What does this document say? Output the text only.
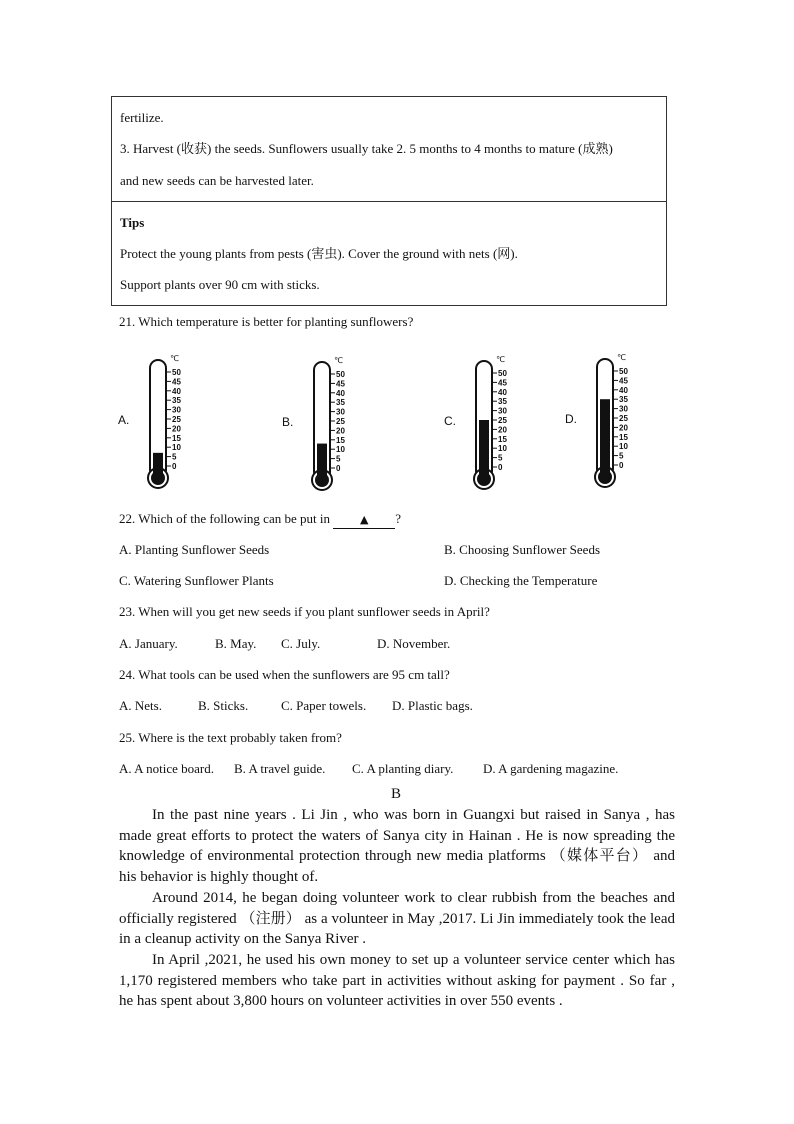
fertilize.
3. Harvest (收获) the seeds. Sunflowers usually take 2. 5 months to 4 months to mature (成熟)
and new seeds can be harvested later.
Tips
Protect the young plants from pests (害虫). Cover the ground with nets (网).
Support plants over 90 cm with sticks.
21. Which temperature is better for planting sunflowers?
A.
50
45
40
35
30
25
20
15
10
5
0
℃
B.
50
45
40
35
30
25
20
15
10
5
0
℃
C.
50
45
40
35
30
25
20
15
10
5
0
℃
D.
50
45
40
35
30
25
20
15
10
5
0
℃
22. Which of the following can be put in	▲ ?
A. Planting Sunflower Seeds	B. Choosing Sunflower Seeds
C. Watering Sunflower Plants	D. Checking the Temperature
23. When will you get new seeds if you plant sunflower seeds in April?
A. January.	B. May. C. July.	D. November.
24. What tools can be used when the sunflowers are 95 cm tall?
A. Nets.	B. Sticks.	C. Paper towels. D. Plastic bags.
25. Where is the text probably taken from?
A. A notice board. B. A travel guide. C. A planting diary. D. A gardening magazine.
B

In the past nine years . Li Jin , who was born in Guangxi but raised in Sanya , has made great efforts to protect the waters of Sanya city in Hainan . He is now spreading the knowledge of environmental protection through new media platforms （媒体平台） and his behavior is highly thought of.

Around 2014, he began doing volunteer work to clear rubbish from the beaches and officially registered （注册） as a volunteer in May ,2017. Li Jin immediately took the lead in a cleanup activity on the Sanya River .

In April ,2021, he used his own money to set up a volunteer service center which has 1,170 registered members who take part in activities without asking for payment . So far , he has spent about 3,800 hours on volunteer activities in over 550 events .
